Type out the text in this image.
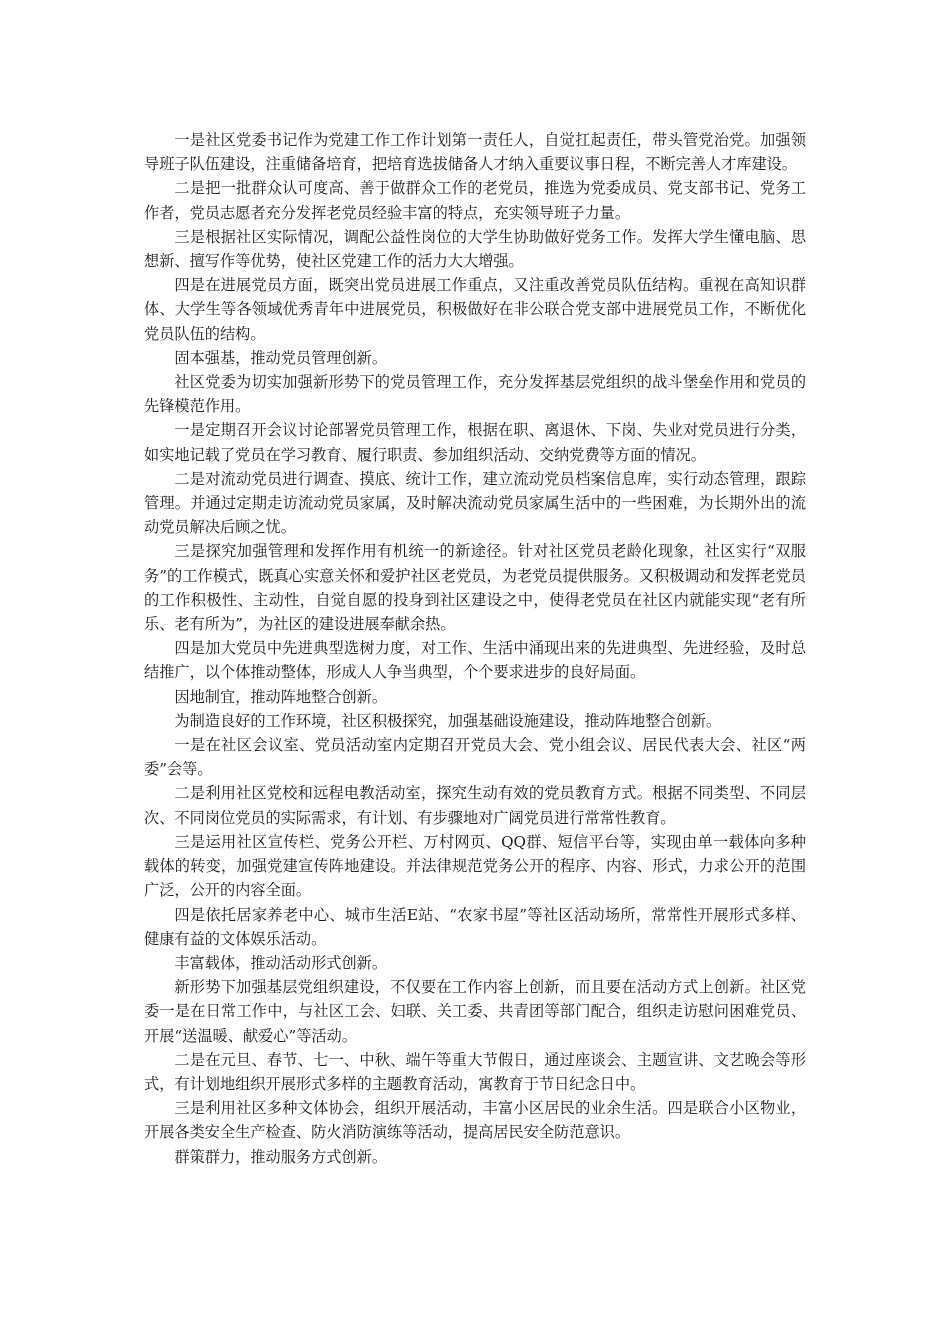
一是社区党委书记作为党建工作工作计划第一责任人，自觉扛起责任，带头管党治党。加强领导班子队伍建设，注重储备培育，把培育选拔储备人才纳入重要议事日程，不断完善人才库建设。

二是把一批群众认可度高、善于做群众工作的老党员，推选为党委成员、党支部书记、党务工作者，党员志愿者充分发挥老党员经验丰富的特点，充实领导班子力量。

三是根据社区实际情况，调配公益性岗位的大学生协助做好党务工作。发挥大学生懂电脑、思想新、擅写作等优势，使社区党建工作的活力大大增强。

四是在进展党员方面，既突出党员进展工作重点，又注重改善党员队伍结构。重视在高知识群体、大学生等各领域优秀青年中进展党员，积极做好在非公联合党支部中进展党员工作，不断优化党员队伍的结构。

固本强基，推动党员管理创新。

社区党委为切实加强新形势下的党员管理工作，充分发挥基层党组织的战斗堡垒作用和党员的先锋模范作用。

一是定期召开会议讨论部署党员管理工作，根据在职、离退休、下岗、失业对党员进行分类，如实地记载了党员在学习教育、履行职责、参加组织活动、交纳党费等方面的情况。

二是对流动党员进行调查、摸底、统计工作，建立流动党员档案信息库，实行动态管理，跟踪管理。并通过定期走访流动党员家属，及时解决流动党员家属生活中的一些困难，为长期外出的流动党员解决后顾之忧。

三是探究加强管理和发挥作用有机统一的新途径。针对社区党员老龄化现象，社区实行“双服务”的工作模式，既真心实意关怀和爱护社区老党员，为老党员提供服务。又积极调动和发挥老党员的工作积极性、主动性，自觉自愿的投身到社区建设之中，使得老党员在社区内就能实现“老有所乐、老有所为”，为社区的建设进展奉献余热。

四是加大党员中先进典型选树力度，对工作、生活中涌现出来的先进典型、先进经验，及时总结推广，以个体推动整体，形成人人争当典型，个个要求进步的良好局面。

因地制宜，推动阵地整合创新。

为制造良好的工作环境，社区积极探究，加强基础设施建设，推动阵地整合创新。

一是在社区会议室、党员活动室内定期召开党员大会、党小组会议、居民代表大会、社区“两委”会等。

二是利用社区党校和远程电教活动室，探究生动有效的党员教育方式。根据不同类型、不同层次、不同岗位党员的实际需求，有计划、有步骤地对广阔党员进行常常性教育。

三是运用社区宣传栏、党务公开栏、万村网页、QQ群、短信平台等，实现由单一载体向多种载体的转变，加强党建宣传阵地建设。并法律规范党务公开的程序、内容、形式，力求公开的范围广泛，公开的内容全面。

四是依托居家养老中心、城市生活E站、“农家书屋”等社区活动场所，常常性开展形式多样、健康有益的文体娱乐活动。

丰富载体，推动活动形式创新。

新形势下加强基层党组织建设，不仅要在工作内容上创新，而且要在活动方式上创新。社区党委一是在日常工作中，与社区工会、妇联、关工委、共青团等部门配合，组织走访慰问困难党员、开展“送温暖、献爱心”等活动。

二是在元旦、春节、七一、中秋、端午等重大节假日，通过座谈会、主题宣讲、文艺晚会等形式，有计划地组织开展形式多样的主题教育活动，寓教育于节日纪念日中。

三是利用社区多种文体协会，组织开展活动，丰富小区居民的业余生活。四是联合小区物业，开展各类安全生产检查、防火消防演练等活动，提高居民安全防范意识。

群策群力，推动服务方式创新。
